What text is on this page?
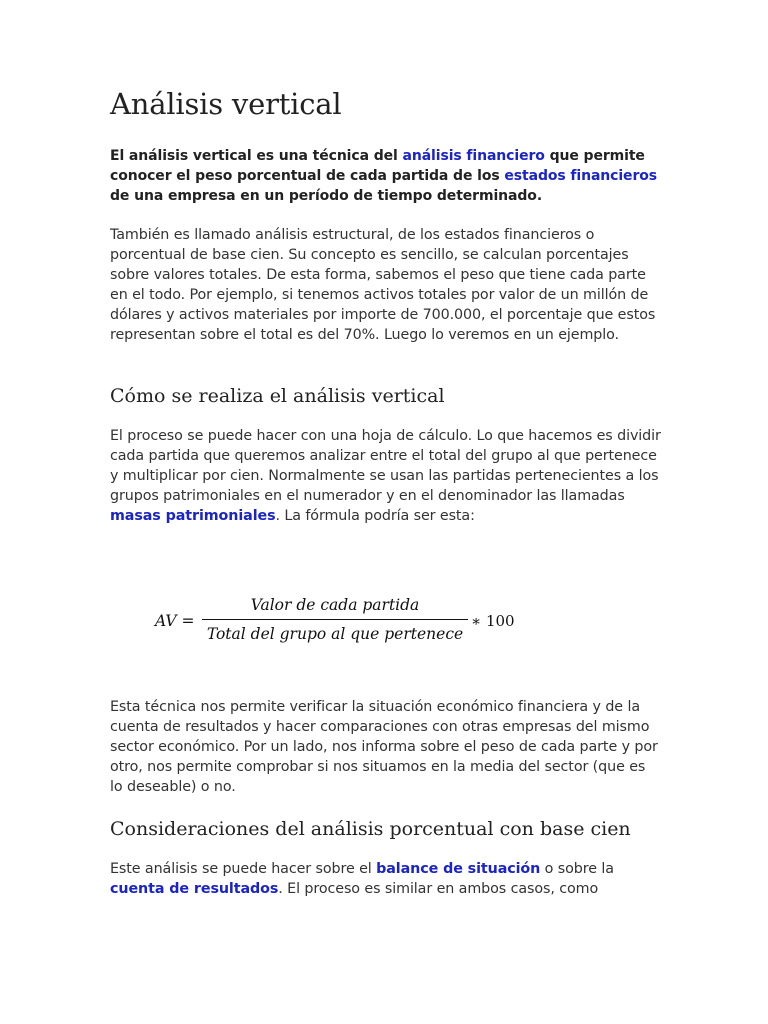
Análisis vertical

El análisis vertical es una técnica del análisis financiero que permite conocer el peso porcentual de cada partida de los estados financieros de una empresa en un período de tiempo determinado.

También es llamado análisis estructural, de los estados financieros o porcentual de base cien. Su concepto es sencillo, se calculan porcentajes sobre valores totales. De esta forma, sabemos el peso que tiene cada parte en el todo. Por ejemplo, si tenemos activos totales por valor de un millón de dólares y activos materiales por importe de 700.000, el porcentaje que estos representan sobre el total es del 70%. Luego lo veremos en un ejemplo.

Cómo se realiza el análisis vertical

El proceso se puede hacer con una hoja de cálculo. Lo que hacemos es dividir cada partida que queremos analizar entre el total del grupo al que pertenece y multiplicar por cien. Normalmente se usan las partidas pertenecientes a los grupos patrimoniales en el numerador y en el denominador las llamadas masas patrimoniales. La fórmula podría ser esta:

AV =
Valor de cada partida
Total del grupo al que pertenece
∗ 100

Esta técnica nos permite verificar la situación económico financiera y de la cuenta de resultados y hacer comparaciones con otras empresas del mismo sector económico. Por un lado, nos informa sobre el peso de cada parte y por otro, nos permite comprobar si nos situamos en la media del sector (que es lo deseable) o no.

Consideraciones del análisis porcentual con base cien

Este análisis se puede hacer sobre el balance de situación o sobre la cuenta de resultados. El proceso es similar en ambos casos, como
